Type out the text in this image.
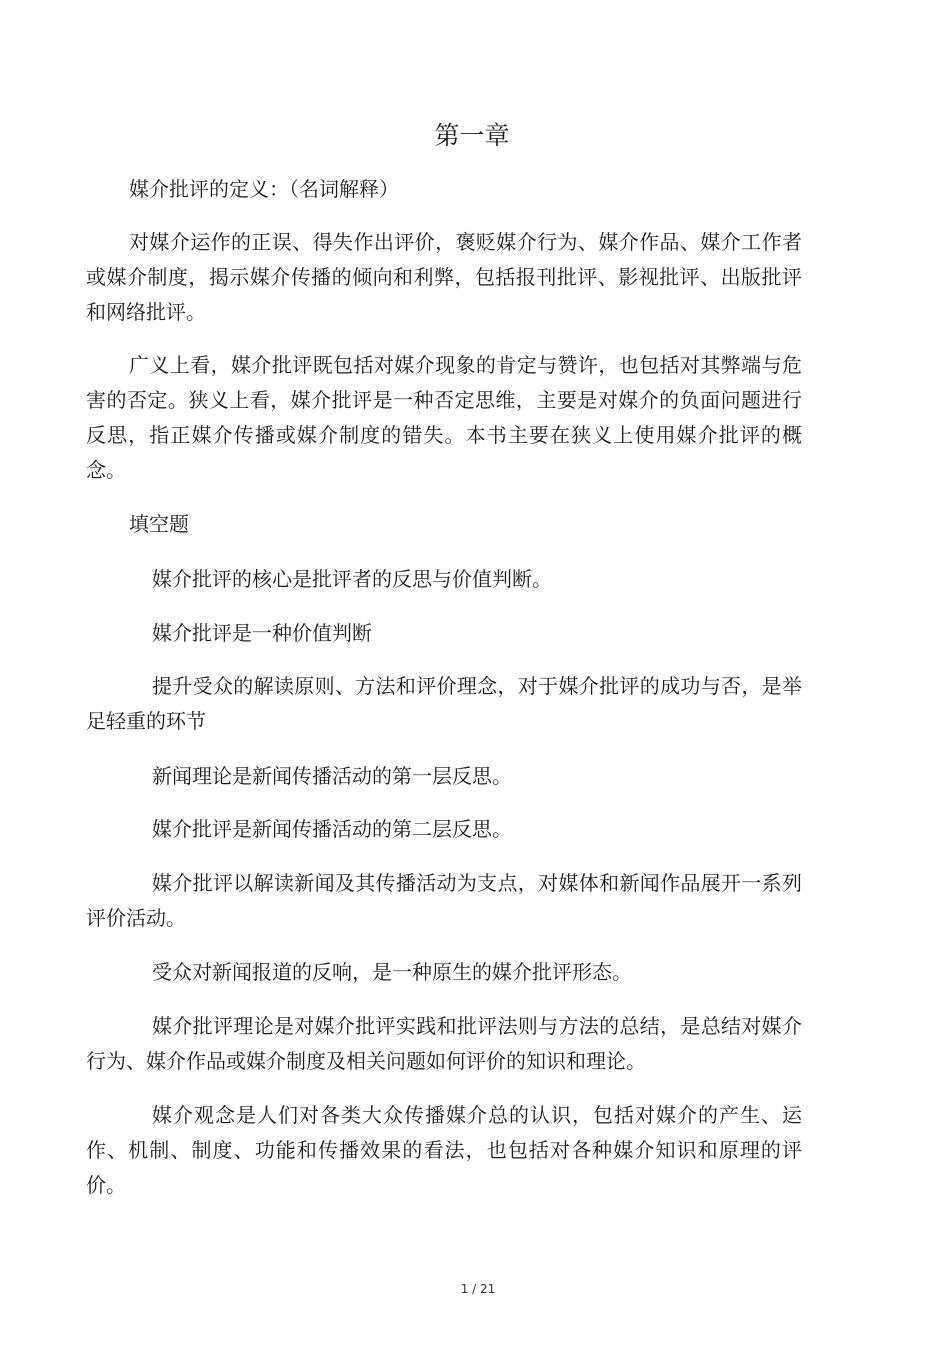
第一章

媒介批评的定义：（名词解释）

对媒介运作的正误、得失作出评价，褒贬媒介行为、媒介作品、媒介工作者或媒介制度，揭示媒介传播的倾向和利弊，包括报刊批评、影视批评、出版批评和网络批评。

广义上看，媒介批评既包括对媒介现象的肯定与赞许，也包括对其弊端与危害的否定。狭义上看，媒介批评是一种否定思维，主要是对媒介的负面问题进行反思，指正媒介传播或媒介制度的错失。本书主要在狭义上使用媒介批评的概念。

填空题

媒介批评的核心是批评者的反思与价值判断。

媒介批评是一种价值判断

提升受众的解读原则、方法和评价理念，对于媒介批评的成功与否，是举足轻重的环节

新闻理论是新闻传播活动的第一层反思。

媒介批评是新闻传播活动的第二层反思。

媒介批评以解读新闻及其传播活动为支点，对媒体和新闻作品展开一系列评价活动。

受众对新闻报道的反响，是一种原生的媒介批评形态。

媒介批评理论是对媒介批评实践和批评法则与方法的总结，是总结对媒介行为、媒介作品或媒介制度及相关问题如何评价的知识和理论。

媒介观念是人们对各类大众传播媒介总的认识，包括对媒介的产生、运作、机制、制度、功能和传播效果的看法，也包括对各种媒介知识和原理的评价。

1 / 21
